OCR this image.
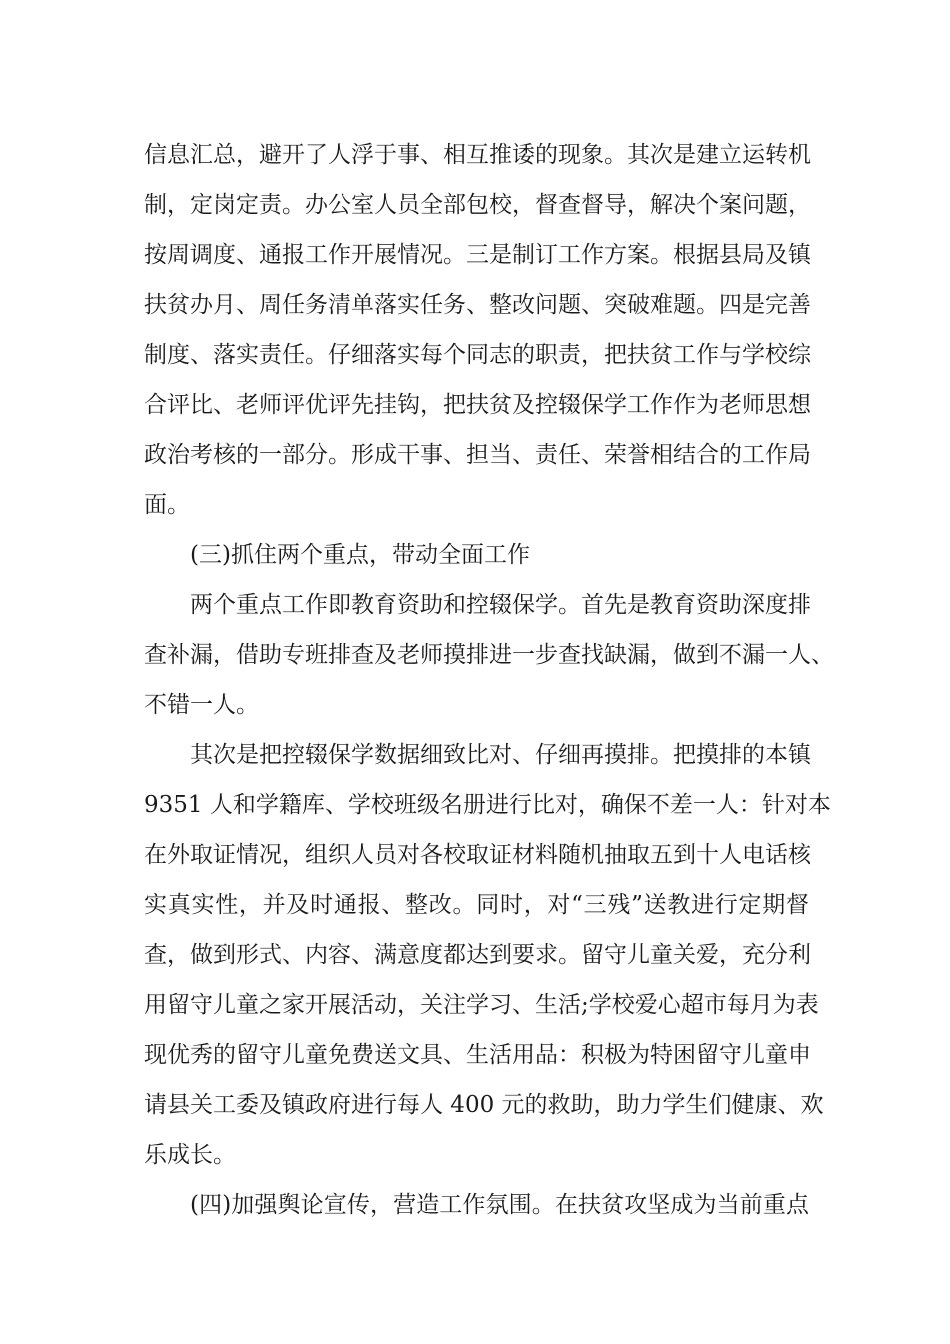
信息汇总，避开了人浮于事、相互推诿的现象。其次是建立运转机
制，定岗定责。办公室人员全部包校，督查督导，解决个案问题，
按周调度、通报工作开展情况。三是制订工作方案。根据县局及镇
扶贫办月、周任务清单落实任务、整改问题、突破难题。四是完善
制度、落实责任。仔细落实每个同志的职责，把扶贫工作与学校综
合评比、老师评优评先挂钩，把扶贫及控辍保学工作作为老师思想
政治考核的一部分。形成干事、担当、责任、荣誉相结合的工作局
面。
(三)抓住两个重点，带动全面工作
两个重点工作即教育资助和控辍保学。首先是教育资助深度排
查补漏，借助专班排查及老师摸排进一步查找缺漏，做到不漏一人、
不错一人。
其次是把控辍保学数据细致比对、仔细再摸排。把摸排的本镇
9351 人和学籍库、学校班级名册进行比对，确保不差一人：针对本
在外取证情况，组织人员对各校取证材料随机抽取五到十人电话核
实真实性，并及时通报、整改。同时，对“三残”送教进行定期督
查，做到形式、内容、满意度都达到要求。留守儿童关爱，充分利
用留守儿童之家开展活动，关注学习、生活;学校爱心超市每月为表
现优秀的留守儿童免费送文具、生活用品：积极为特困留守儿童申
请县关工委及镇政府进行每人 400 元的救助，助力学生们健康、欢
乐成长。
(四)加强舆论宣传，营造工作氛围。在扶贫攻坚成为当前重点
